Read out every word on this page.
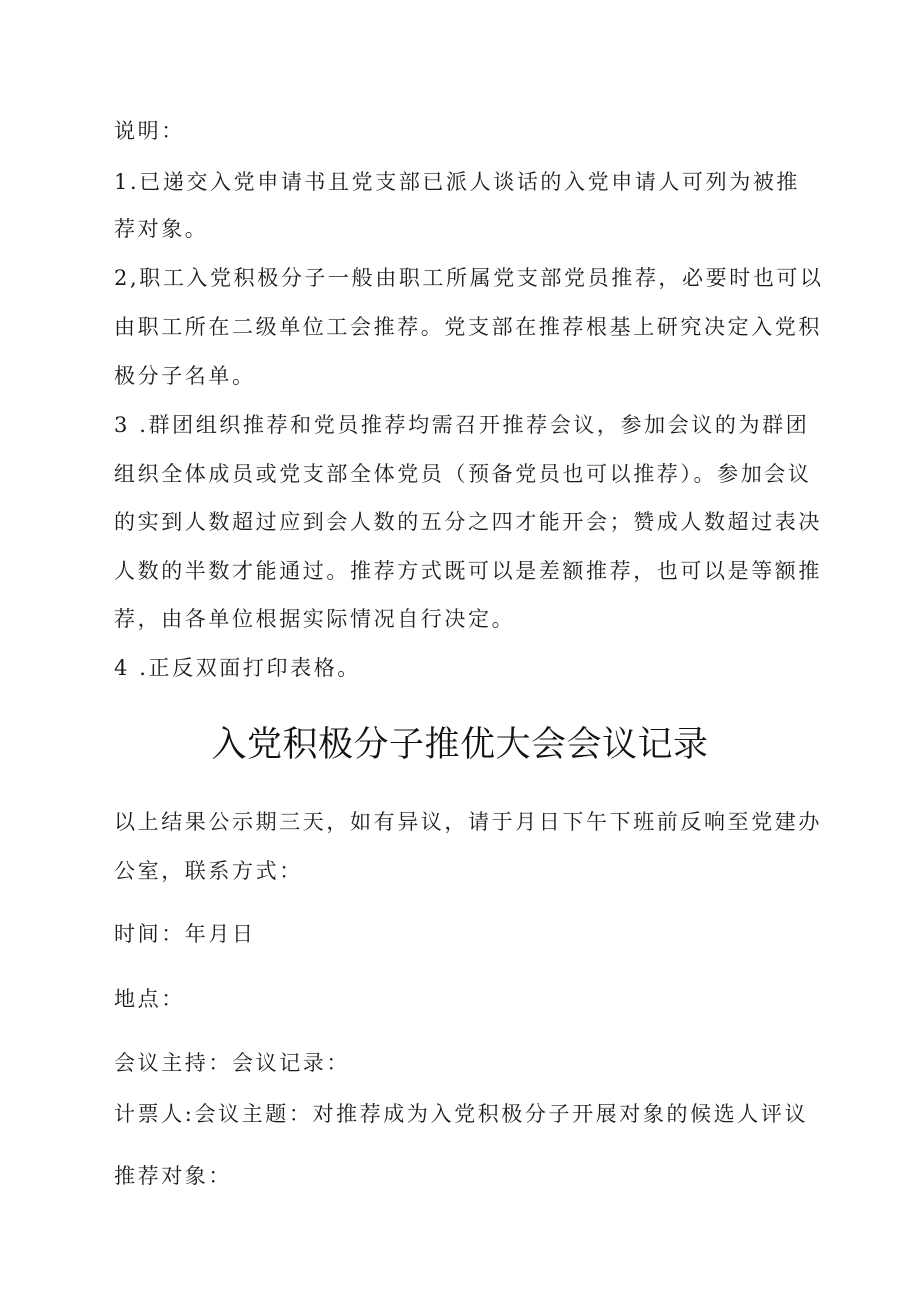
说明：
1.已递交入党申请书且党支部已派人谈话的入党申请人可列为被推
荐对象。
2,职工入党积极分子一般由职工所属党支部党员推荐，必要时也可以
由职工所在二级单位工会推荐。党支部在推荐根基上研究决定入党积
极分子名单。
3 .群团组织推荐和党员推荐均需召开推荐会议，参加会议的为群团
组织全体成员或党支部全体党员（预备党员也可以推荐）。参加会议
的实到人数超过应到会人数的五分之四才能开会；赞成人数超过表决
人数的半数才能通过。推荐方式既可以是差额推荐，也可以是等额推
荐，由各单位根据实际情况自行决定。
4 .正反双面打印表格。
入党积极分子推优大会会议记录
以上结果公示期三天，如有异议，请于月日下午下班前反响至党建办
公室，联系方式：
时间：年月日
地点：
会议主持：会议记录：
计票人:会议主题：对推荐成为入党积极分子开展对象的候选人评议
推荐对象：
